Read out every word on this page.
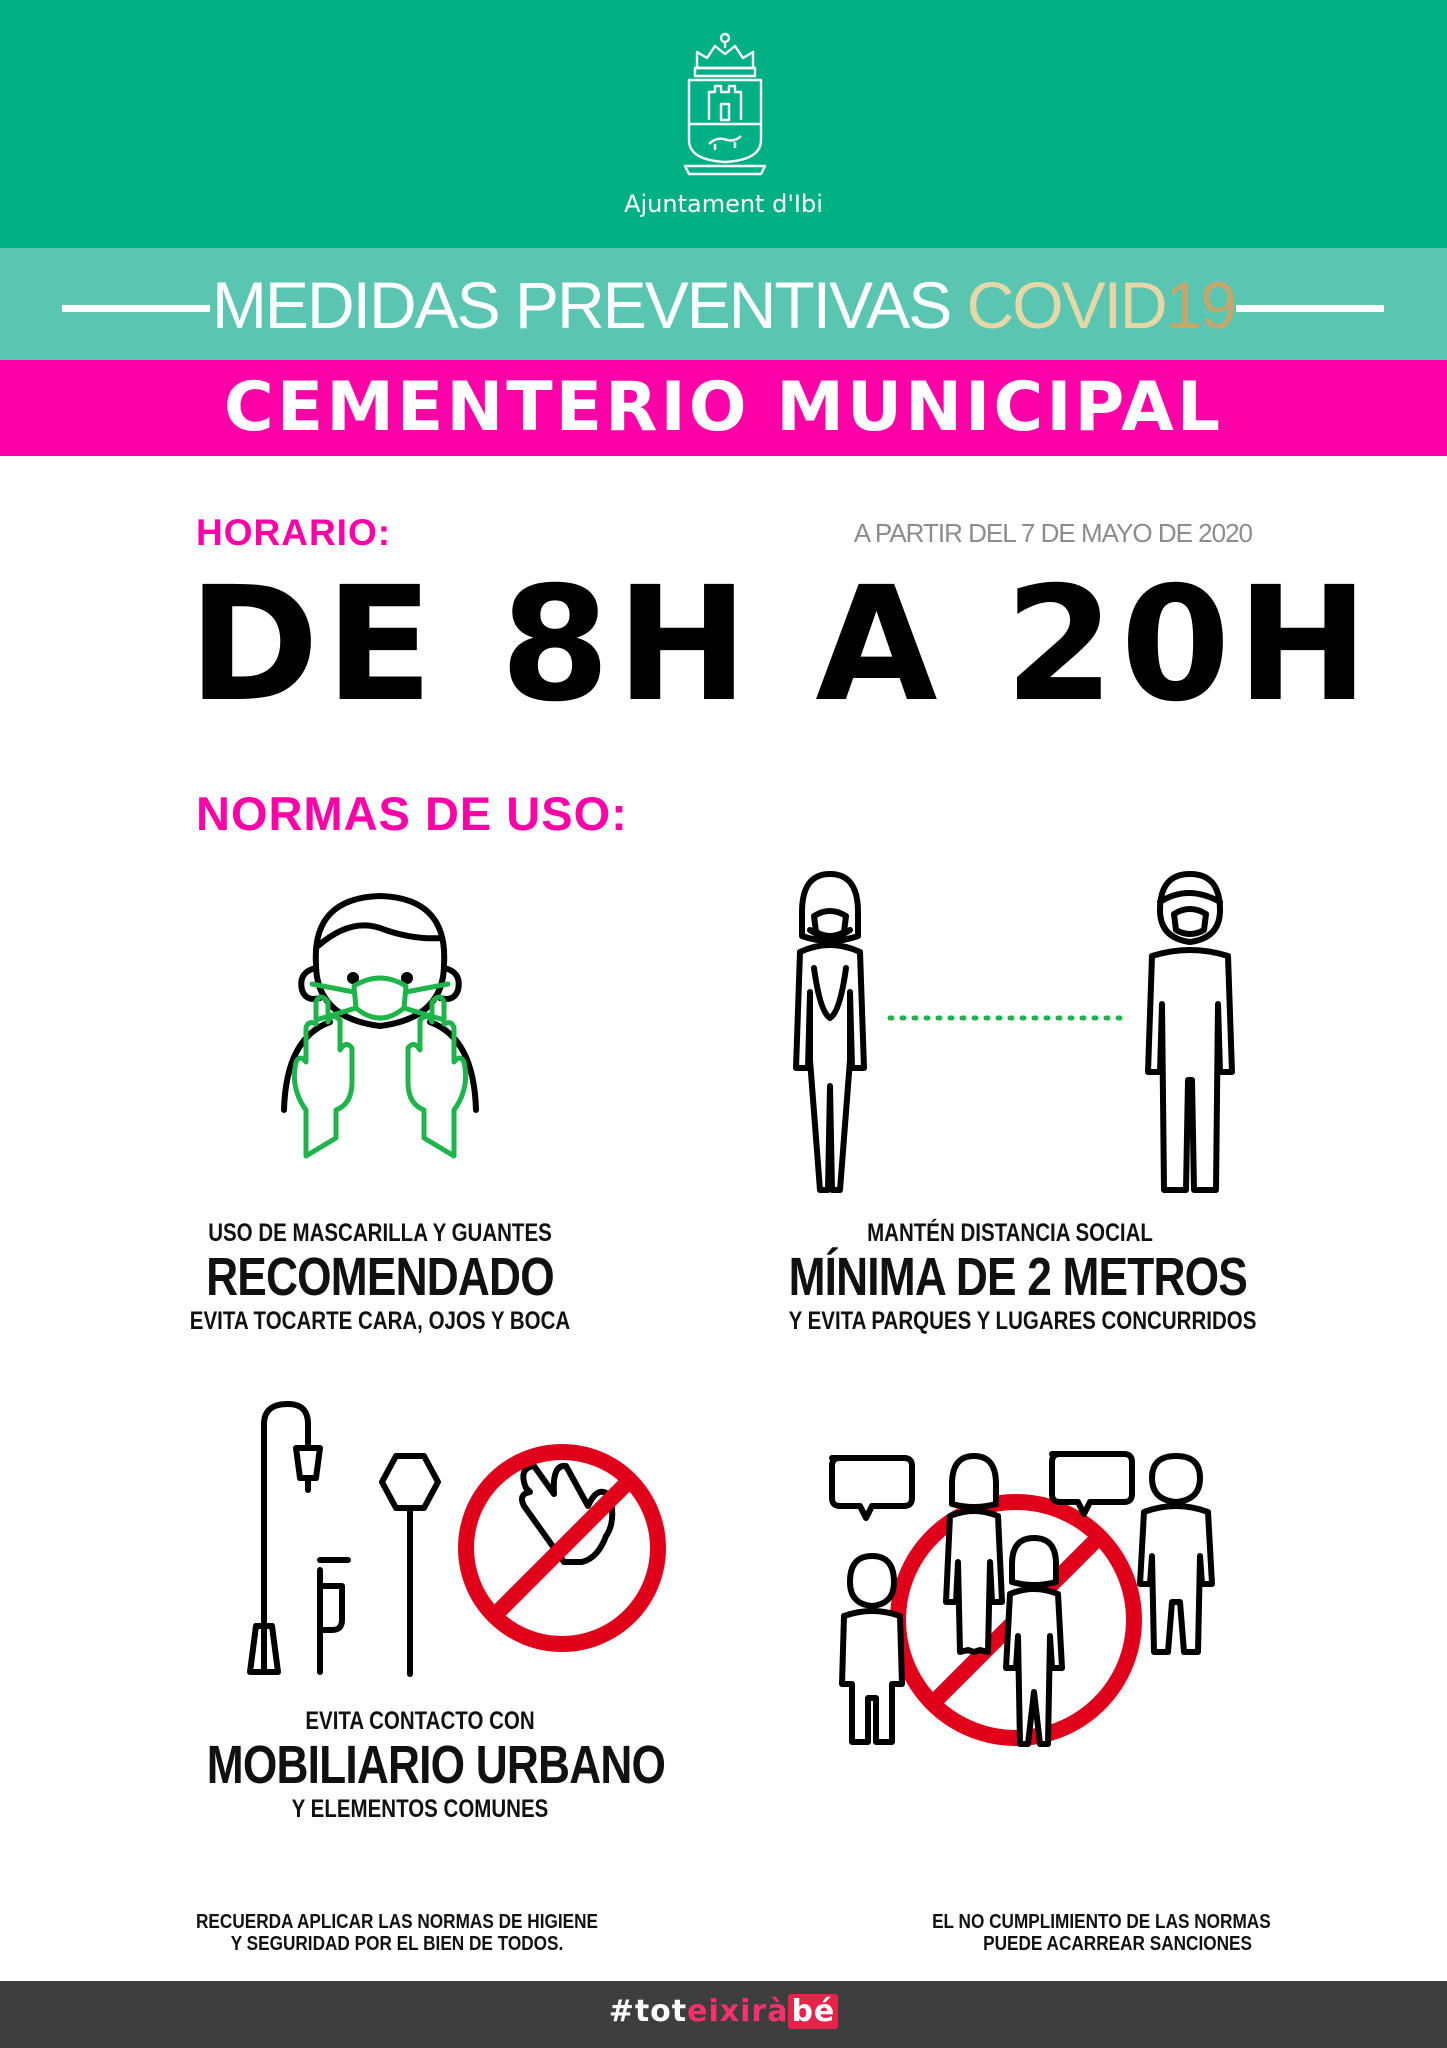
Ajuntament d'Ibi
MEDIDAS PREVENTIVAS COVID19
CEMENTERIO MUNICIPAL
HORARIO:	A PARTIR DEL 7 DE MAYO DE 2020
DE 8H A 20H
NORMAS DE USO:
USO DE MASCARILLA Y GUANTES
RECOMENDADO
EVITA TOCARTE CARA, OJOS Y BOCA
MANTÉN DISTANCIA SOCIAL
MÍNIMA DE 2 METROS
Y EVITA PARQUES Y LUGARES CONCURRIDOS
EVITA CONTACTO CON
MOBILIARIO URBANO
Y ELEMENTOS COMUNES
RECUERDA APLICAR LAS NORMAS DE HIGIENE
Y SEGURIDAD POR EL BIEN DE TODOS.
EL NO CUMPLIMIENTO DE LAS NORMAS
PUEDE ACARREAR SANCIONES
#toteixirà bé
